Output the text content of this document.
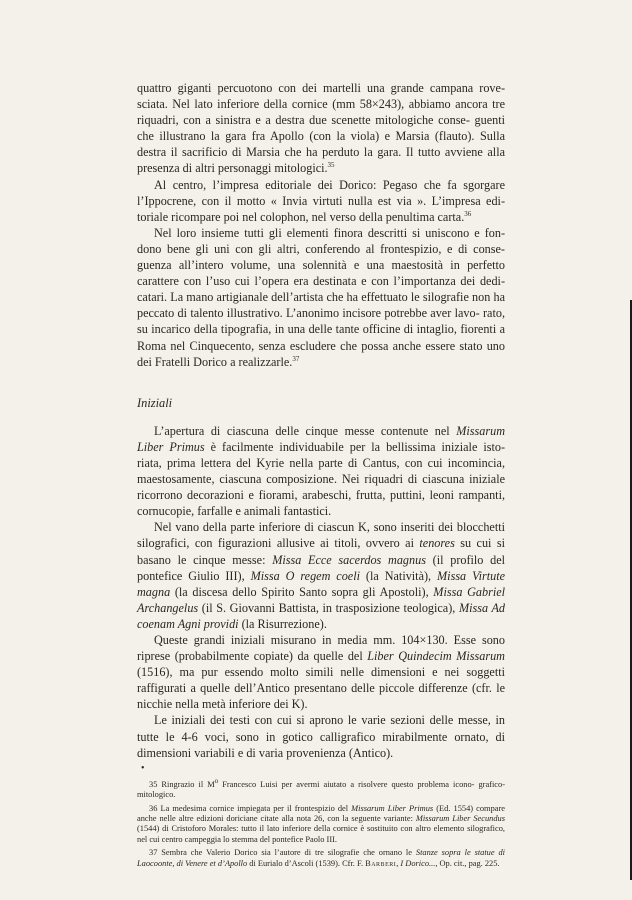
quattro giganti percuotono con dei martelli una grande campana rove- sciata. Nel lato inferiore della cornice (mm 58×243), abbiamo ancora tre riquadri, con a sinistra e a destra due scenette mitologiche conse- guenti che illustrano la gara fra Apollo (con la viola) e Marsia (flauto). Sulla destra il sacrificio di Marsia che ha perduto la gara. Il tutto avviene alla presenza di altri personaggi mitologici.$^{35}$

Al centro, l’impresa editoriale dei Dorico: Pegaso che fa sgorgare l’Ippocrene, con il motto « Invia virtuti nulla est via ». L’impresa edi- toriale ricompare poi nel colophon, nel verso della penultima carta.$^{36}$

Nel loro insieme tutti gli elementi finora descritti si uniscono e fon- dono bene gli uni con gli altri, conferendo al frontespizio, e di conse- guenza all’intero volume, una solennità e una maestosità in perfetto carattere con l’uso cui l’opera era destinata e con l’importanza dei dedi- catari. La mano artigianale dell’artista che ha effettuato le silografie non ha peccato di talento illustrativo. L’anonimo incisore potrebbe aver lavo- rato, su incarico della tipografia, in una delle tante officine di intaglio, fiorenti a Roma nel Cinquecento, senza escludere che possa anche essere stato uno dei Fratelli Dorico a realizzarle.$^{37}$

Iniziali

L’apertura di ciascuna delle cinque messe contenute nel Missarum Liber Primus è facilmente individuabile per la bellissima iniziale isto- riata, prima lettera del Kyrie nella parte di Cantus, con cui incomincia, maestosamente, ciascuna composizione. Nei riquadri di ciascuna iniziale ricorrono decorazioni e fiorami, arabeschi, frutta, puttini, leoni rampanti, cornucopie, farfalle e animali fantastici.

Nel vano della parte inferiore di ciascun K, sono inseriti dei blocchetti silografici, con figurazioni allusive ai titoli, ovvero ai tenores su cui si basano le cinque messe: Missa Ecce sacerdos magnus (il profilo del pontefice Giulio III), Missa O regem coeli (la Natività), Missa Virtute magna (la discesa dello Spirito Santo sopra gli Apostoli), Missa Gabriel Archangelus (il S. Giovanni Battista, in trasposizione teologica), Missa Ad coenam Agni providi (la Risurrezione).

Queste grandi iniziali misurano in media mm. 104×130. Esse sono riprese (probabilmente copiate) da quelle del Liber Quindecim Missarum (1516), ma pur essendo molto simili nelle dimensioni e nei soggetti raffigurati a quelle dell’Antico presentano delle piccole differenze (cfr. le nicchie nella metà inferiore dei K).

Le iniziali dei testi con cui si aprono le varie sezioni delle messe, in tutte le 4-6 voci, sono in gotico calligrafico mirabilmente ornato, di dimensioni variabili e di varia provenienza (Antico).

•

35 Ringrazio il $M^o$ Francesco Luisi per avermi aiutato a risolvere questo problema icono- grafico-mitologico.

36 La medesima cornice impiegata per il frontespizio del Missarum Liber Primus (Ed. 1554) compare anche nelle altre edizioni doriciane citate alla nota 26, con la seguente variante: Missarum Liber Secundus (1544) di Cristoforo Morales: tutto il lato inferiore della cornice è sostituito con altro elemento silografico, nel cui centro campeggia lo stemma del pontefice Paolo III.

37 Sembra che Valerio Dorico sia l’autore di tre silografie che ornano le Stanze sopra le statue di Laocoonte, di Venere et d’Apollo di Eurialo d’Ascoli (1539). Cfr. F. Barberi, I Dorico..., Op. cit., pag. 225.
